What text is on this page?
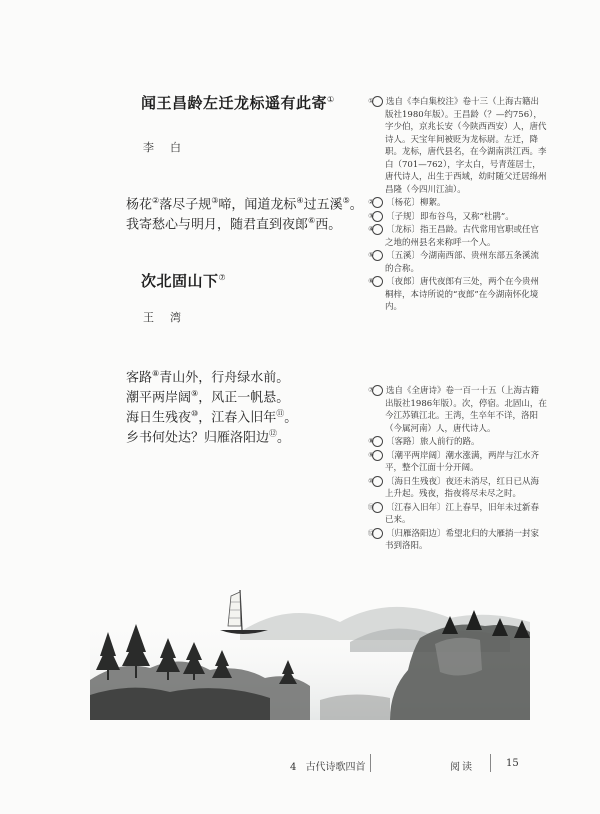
闻王昌龄左迁龙标遥有此寄①
李白
杨花②落尽子规③啼，闻道龙标④过五溪⑤。
我寄愁心与明月，随君直到夜郎⑥西。
次北固山下⑦
王湾
客路⑧青山外，行舟绿水前。
潮平两岸阔⑨，风正一帆悬。
海日生残夜⑩，江春入旧年⑪。
乡书何处达？归雁洛阳边⑫。
① 选自《李白集校注》卷十三（上海古籍出版社1980年版）。王昌龄（？—约756），字少伯，京兆长安（今陕西西安）人，唐代诗人。天宝年间被贬为龙标尉。左迁，降职。龙标，唐代县名，在今湖南洪江西。李白（701—762），字太白，号青莲居士，唐代诗人，出生于西域，幼时随父迁居绵州昌隆（今四川江油）。
② 〔杨花〕柳絮。
③ 〔子规〕即布谷鸟，又称“杜鹃”。
④ 〔龙标〕指王昌龄。古代常用官职或任官之地的州县名来称呼一个人。
⑤ 〔五溪〕今湖南西部、贵州东部五条溪流的合称。
⑥ 〔夜郎〕唐代夜郎有三处，两个在今贵州桐梓，本诗所说的“夜郎”在今湖南怀化境内。
⑦ 选自《全唐诗》卷一百一十五（上海古籍出版社1986年版）。次，停宿。北固山，在今江苏镇江北。王湾，生卒年不详，洛阳（今属河南）人，唐代诗人。
⑧ 〔客路〕旅人前行的路。
⑨ 〔潮平两岸阔〕潮水涨满，两岸与江水齐平，整个江面十分开阔。
⑩ 〔海日生残夜〕夜还未消尽，红日已从海上升起。残夜，指夜将尽未尽之时。
⑪ 〔江春入旧年〕江上春早，旧年未过新春已来。
⑫ 〔归雁洛阳边〕希望北归的大雁捎一封家书到洛阳。
4 古代诗歌四首	阅读	15
